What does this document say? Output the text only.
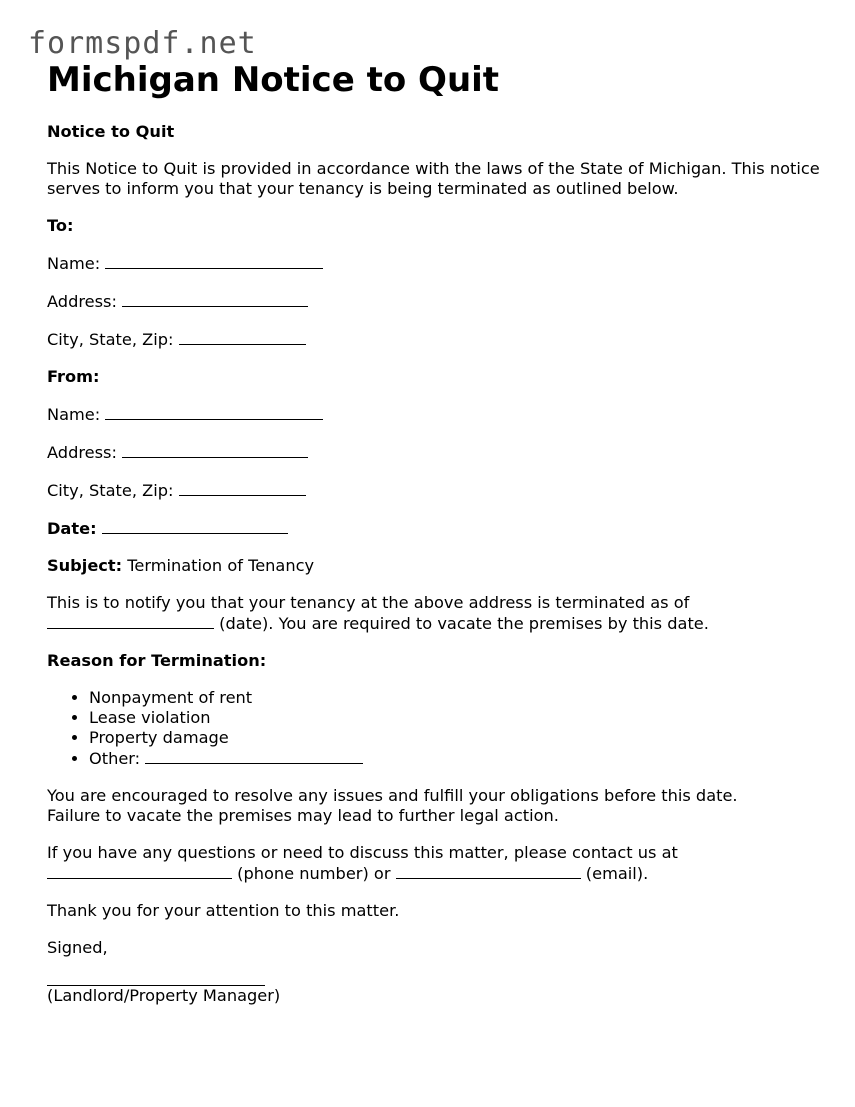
formspdf.net
Michigan Notice to Quit

Notice to Quit

This Notice to Quit is provided in accordance with the laws of the State of Michigan. This notice serves to inform you that your tenancy is being terminated as outlined below.

To:

Name:

Address:

City, State, Zip:

From:

Name:

Address:

City, State, Zip:

Date:

Subject: Termination of Tenancy

This is to notify you that your tenancy at the above address is terminated as of
(date). You are required to vacate the premises by this date.

Reason for Termination:

• Nonpayment of rent
• Lease violation
• Property damage
• Other:

You are encouraged to resolve any issues and fulfill your obligations before this date.
Failure to vacate the premises may lead to further legal action.

If you have any questions or need to discuss this matter, please contact us at
(phone number) or	(email).

Thank you for your attention to this matter.

Signed,
(Landlord/Property Manager)
